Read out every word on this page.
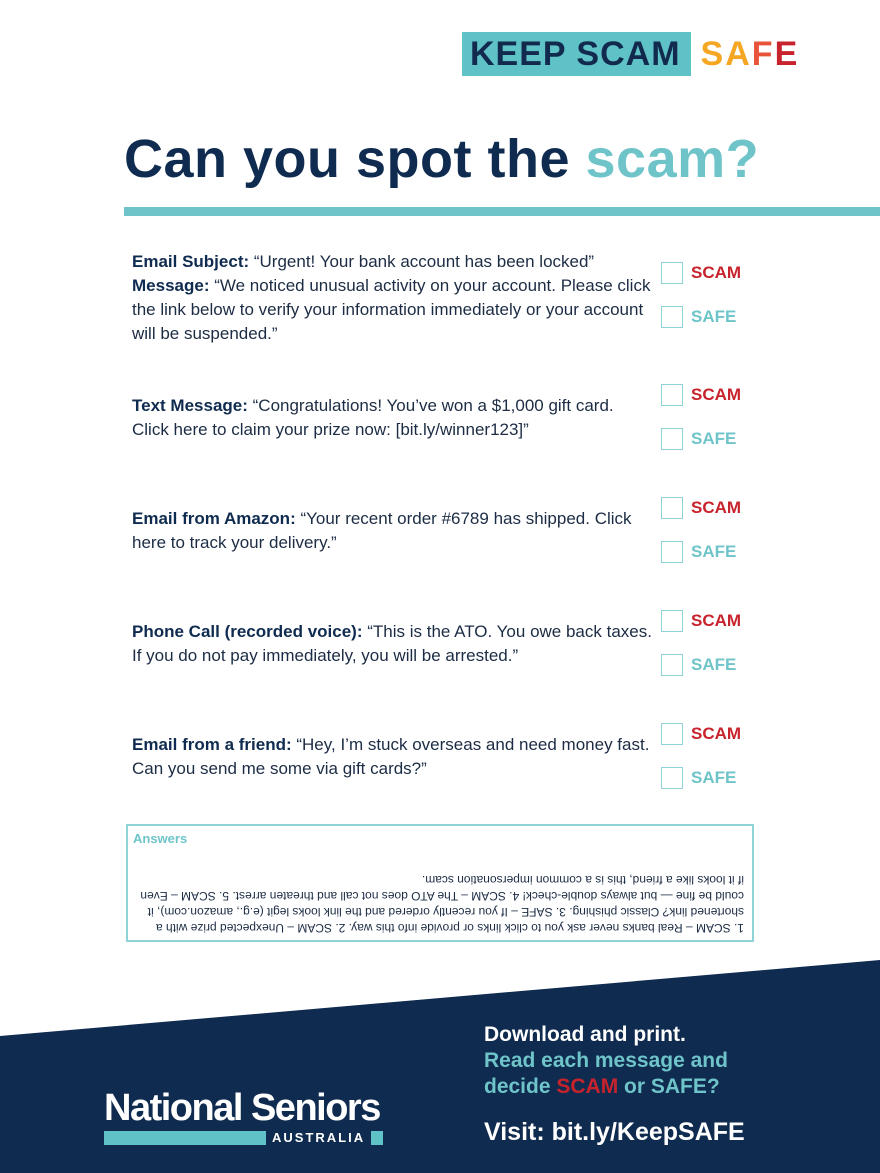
KEEP SCAM SAFE
Can you spot the scam?
Email Subject: “Urgent! Your bank account has been locked”
Message: “We noticed unusual activity on your account. Please click the link below to verify your information immediately or your account will be suspended.”
SCAM
SAFE
Text Message: “Congratulations! You’ve won a $1,000 gift card. Click here to claim your prize now: [bit.ly/winner123]”
SCAM
SAFE
Email from Amazon: “Your recent order #6789 has shipped. Click here to track your delivery.”
SCAM
SAFE
Phone Call (recorded voice): “This is the ATO. You owe back taxes. If you do not pay immediately, you will be arrested.”
SCAM
SAFE
Email from a friend: “Hey, I’m stuck overseas and need money fast. Can you send me some via gift cards?”
SCAM
SAFE
Answers
1. SCAM – Real banks never ask you to click links or provide info this way. 2. SCAM – Unexpected prize with a shortened link? Classic phishing. 3. SAFE – If you recently ordered and the link looks legit (e.g., amazon.com), it could be fine — but always double-check! 4. SCAM – The ATO does not call and threaten arrest. 5. SCAM – Even if it looks like a friend, this is a common impersonation scam.
National Seniors
AUSTRALIA
Download and print.
Read each message and
decide SCAM or SAFE?
Visit: bit.ly/KeepSAFE
